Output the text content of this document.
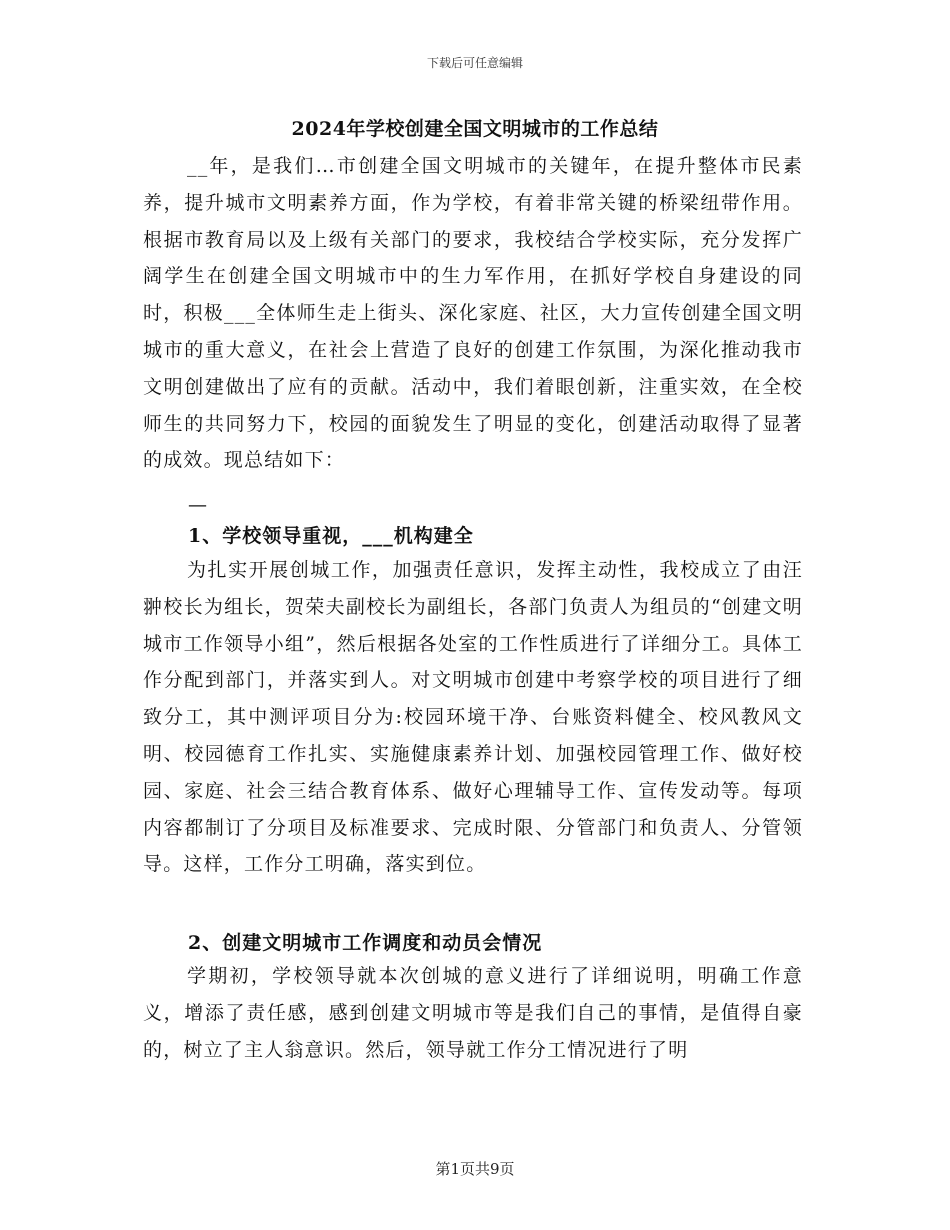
下载后可任意编辑
2024年学校创建全国文明城市的工作总结

__年，是我们…市创建全国文明城市的关键年，在提升整体市民素养，提升城市文明素养方面，作为学校，有着非常关键的桥梁纽带作用。根据市教育局以及上级有关部门的要求，我校结合学校实际，充分发挥广阔学生在创建全国文明城市中的生力军作用，在抓好学校自身建设的同时，积极___全体师生走上街头、深化家庭、社区，大力宣传创建全国文明城市的重大意义，在社会上营造了良好的创建工作氛围，为深化推动我市文明创建做出了应有的贡献。活动中，我们着眼创新，注重实效，在全校师生的共同努力下，校园的面貌发生了明显的变化，创建活动取得了显著的成效。现总结如下：

—
1、学校领导重视，___机构建全

为扎实开展创城工作，加强责任意识，发挥主动性，我校成立了由汪翀校长为组长，贺荣夫副校长为副组长，各部门负责人为组员的“创建文明城市工作领导小组”，然后根据各处室的工作性质进行了详细分工。具体工作分配到部门，并落实到人。对文明城市创建中考察学校的项目进行了细致分工，其中测评项目分为:校园环境干净、台账资料健全、校风教风文明、校园德育工作扎实、实施健康素养计划、加强校园管理工作、做好校园、家庭、社会三结合教育体系、做好心理辅导工作、宣传发动等。每项内容都制订了分项目及标准要求、完成时限、分管部门和负责人、分管领导。这样，工作分工明确，落实到位。

2、创建文明城市工作调度和动员会情况

学期初，学校领导就本次创城的意义进行了详细说明，明确工作意义，增添了责任感，感到创建文明城市等是我们自己的事情，是值得自豪的，树立了主人翁意识。然后，领导就工作分工情况进行了明

第1页共9页
